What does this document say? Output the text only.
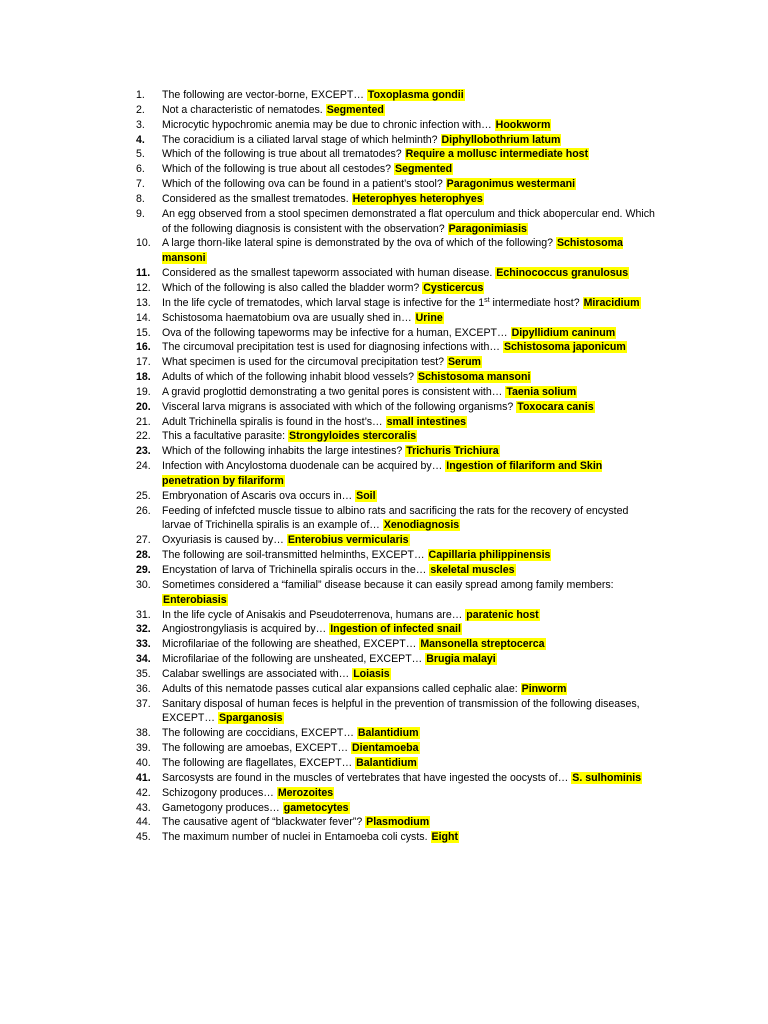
1.	The following are vector-borne, EXCEPT… Toxoplasma gondii
2.	Not a characteristic of nematodes. Segmented
3.	Microcytic hypochromic anemia may be due to chronic infection with… Hookworm
4.	The coracidium is a ciliated larval stage of which helminth? Diphyllobothrium latum
5.	Which of the following is true about all trematodes? Require a mollusc intermediate host
6.	Which of the following is true about all cestodes? Segmented
7.	Which of the following ova can be found in a patient’s stool? Paragonimus westermani
8.	Considered as the smallest trematodes. Heterophyes heterophyes
9.	An egg observed from a stool specimen demonstrated a flat operculum and thick abopercular end. Which of the following diagnosis is consistent with the observation? Paragonimiasis
10.	A large thorn-like lateral spine is demonstrated by the ova of which of the following? Schistosoma mansoni
11.	Considered as the smallest tapeworm associated with human disease. Echinococcus granulosus
12.	Which of the following is also called the bladder worm? Cysticercus
13.	In the life cycle of trematodes, which larval stage is infective for the 1st intermediate host? Miracidium
14.	Schistosoma haematobium ova are usually shed in… Urine
15.	Ova of the following tapeworms may be infective for a human, EXCEPT… Dipyllidium caninum
16.	The circumoval precipitation test is used for diagnosing infections with… Schistosoma japonicum
17.	What specimen is used for the circumoval precipitation test? Serum
18.	Adults of which of the following inhabit blood vessels? Schistosoma mansoni
19.	A gravid proglottid demonstrating a two genital pores is consistent with… Taenia solium
20.	Visceral larva migrans is associated with which of the following organisms? Toxocara canis
21.	Adult Trichinella spiralis is found in the host’s… small intestines
22.	This a facultative parasite: Strongyloides stercoralis
23.	Which of the following inhabits the large intestines? Trichuris Trichiura
24.	Infection with Ancylostoma duodenale can be acquired by… Ingestion of filariform and Skin penetration by filariform
25.	Embryonation of Ascaris ova occurs in… Soil
26.	Feeding of infefcted muscle tissue to albino rats and sacrificing the rats for the recovery of encysted larvae of Trichinella spiralis is an example of… Xenodiagnosis
27.	Oxyuriasis is caused by… Enterobius vermicularis
28.	The following are soil-transmitted helminths, EXCEPT… Capillaria philippinensis
29.	Encystation of larva of Trichinella spiralis occurs in the… skeletal muscles
30.	Sometimes considered a “familial” disease because it can easily spread among family members: Enterobiasis
31.	In the life cycle of Anisakis and Pseudoterrenova, humans are… paratenic host
32.	Angiostrongyliasis is acquired by… Ingestion of infected snail
33.	Microfilariae of the following are sheathed, EXCEPT… Mansonella streptocerca
34.	Microfilariae of the following are unsheated, EXCEPT… Brugia malayi
35.	Calabar swellings are associated with… Loiasis
36.	Adults of this nematode passes cutical alar expansions called cephalic alae: Pinworm
37.	Sanitary disposal of human feces is helpful in the prevention of transmission of the following diseases, EXCEPT… Sparganosis
38.	The following are coccidians, EXCEPT… Balantidium
39.	The following are amoebas, EXCEPT… Dientamoeba
40.	The following are flagellates, EXCEPT… Balantidium
41.	Sarcosysts are found in the muscles of vertebrates that have ingested the oocysts of… S. sulhominis
42.	Schizogony produces… Merozoites
43.	Gametogony produces… gametocytes
44.	The causative agent of “blackwater fever”? Plasmodium
45.	The maximum number of nuclei in Entamoeba coli cysts. Eight
